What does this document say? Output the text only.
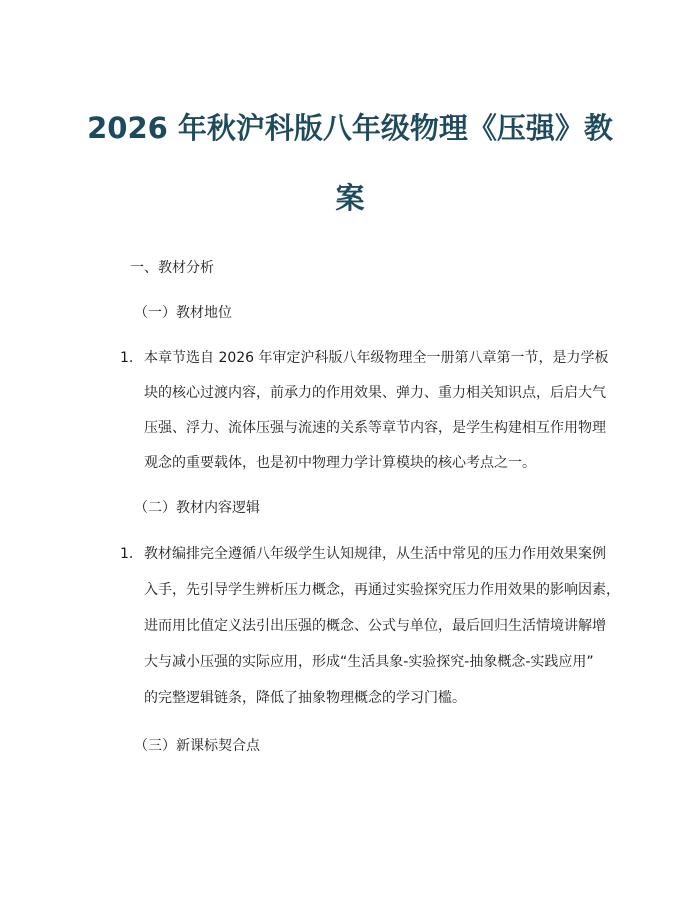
2026 年秋沪科版八年级物理《压强》教
案

一、教材分析

（一）教材地位

1. 本章节选自 2026 年审定沪科版八年级物理全一册第八章第一节，是力学板
块的核心过渡内容，前承力的作用效果、弹力、重力相关知识点，后启大气
压强、浮力、流体压强与流速的关系等章节内容，是学生构建相互作用物理
观念的重要载体，也是初中物理力学计算模块的核心考点之一。

（二）教材内容逻辑

1. 教材编排完全遵循八年级学生认知规律，从生活中常见的压力作用效果案例
入手，先引导学生辨析压力概念，再通过实验探究压力作用效果的影响因素，
进而用比值定义法引出压强的概念、公式与单位，最后回归生活情境讲解增
大与减小压强的实际应用，形成“生活具象-实验探究-抽象概念-实践应用”
的完整逻辑链条，降低了抽象物理概念的学习门槛。

（三）新课标契合点
